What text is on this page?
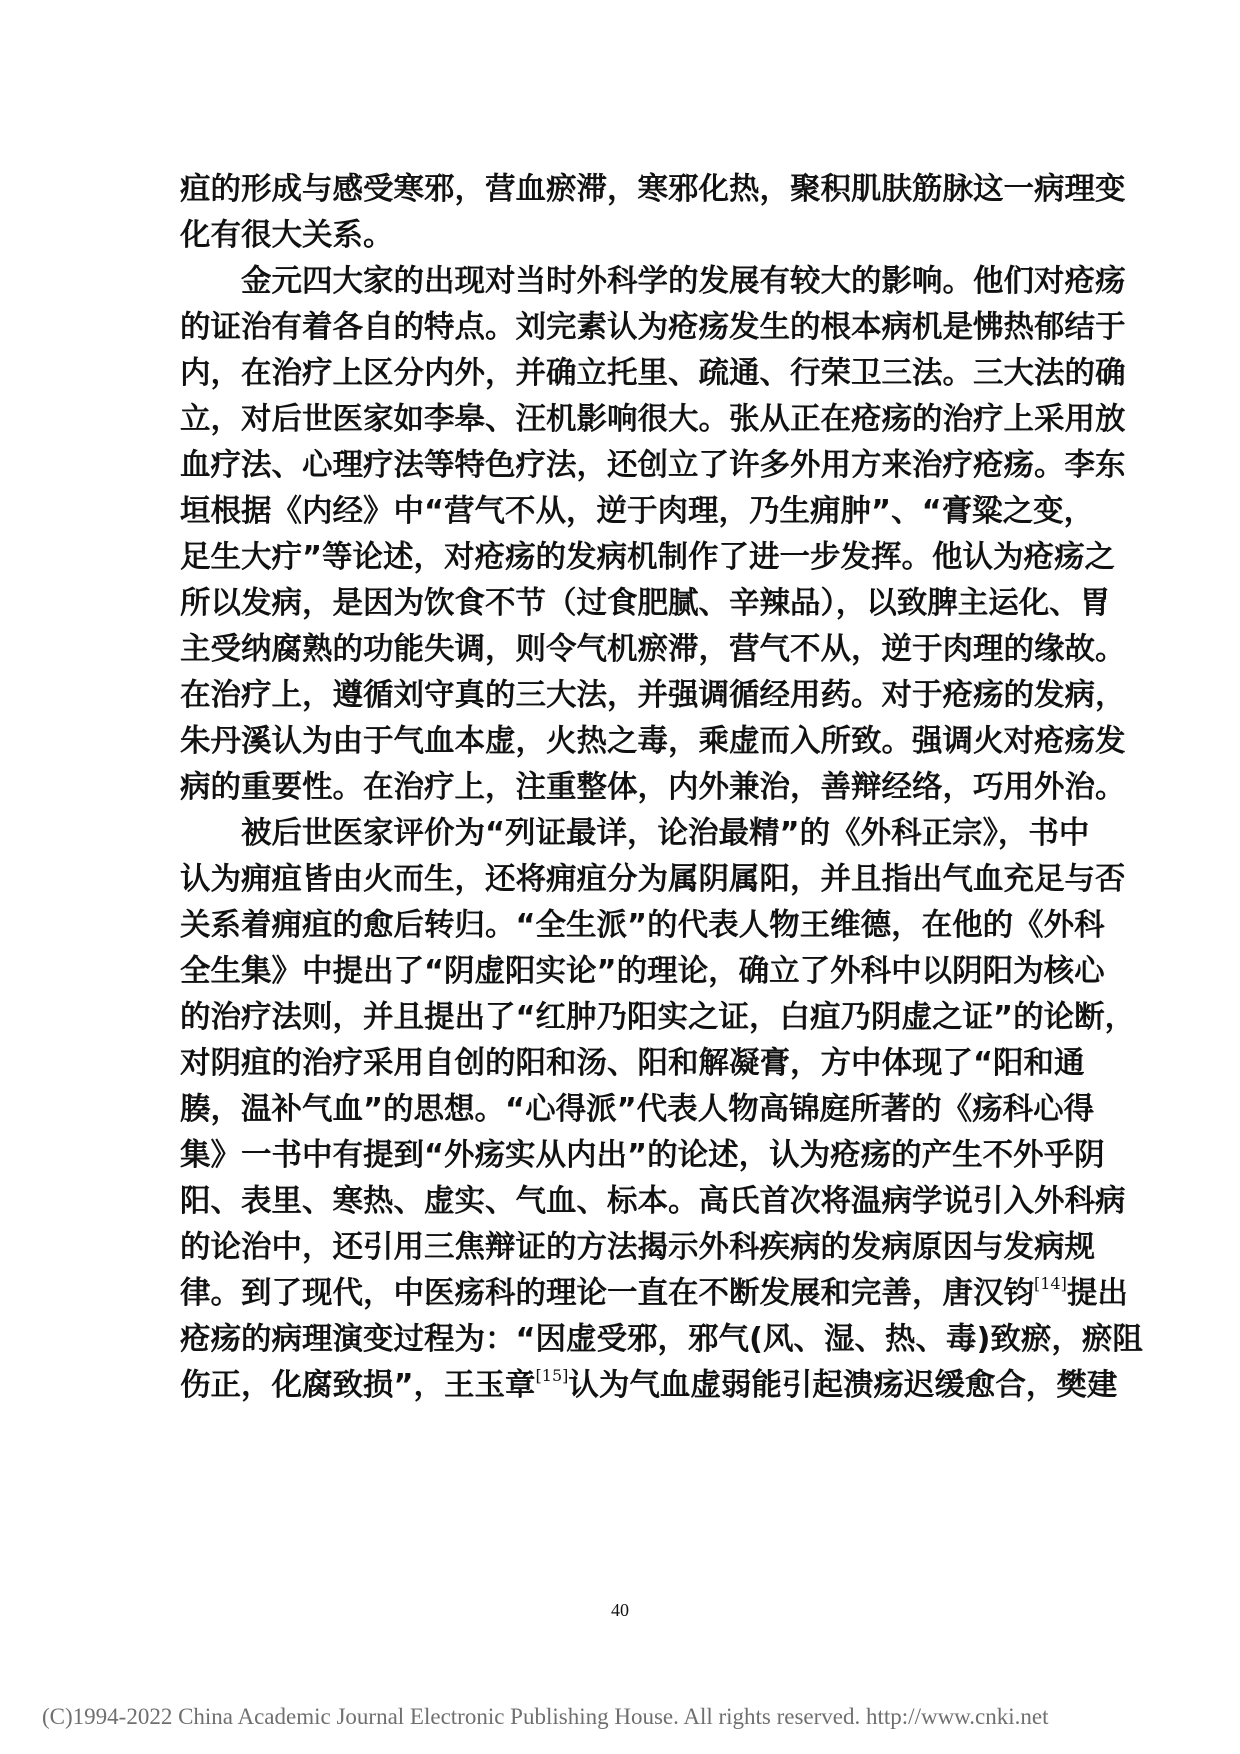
疽的形成与感受寒邪，营血瘀滞，寒邪化热，聚积肌肤筋脉这一病理变
化有很大关系。
金元四大家的出现对当时外科学的发展有较大的影响。他们对疮疡
的证治有着各自的特点。刘完素认为疮疡发生的根本病机是怫热郁结于
内，在治疗上区分内外，并确立托里、疏通、行荣卫三法。三大法的确
立，对后世医家如李皋、汪机影响很大。张从正在疮疡的治疗上采用放
血疗法、心理疗法等特色疗法，还创立了许多外用方来治疗疮疡。李东
垣根据《内经》中“营气不从，逆于肉理，乃生痈肿”、“膏粱之变，
足生大疔”等论述，对疮疡的发病机制作了进一步发挥。他认为疮疡之
所以发病，是因为饮食不节（过食肥腻、辛辣品），以致脾主运化、胃
主受纳腐熟的功能失调，则令气机瘀滞，营气不从，逆于肉理的缘故。
在治疗上，遵循刘守真的三大法，并强调循经用药。对于疮疡的发病，
朱丹溪认为由于气血本虚，火热之毒，乘虚而入所致。强调火对疮疡发
病的重要性。在治疗上，注重整体，内外兼治，善辩经络，巧用外治。
被后世医家评价为“列证最详，论治最精”的《外科正宗》，书中
认为痈疽皆由火而生，还将痈疽分为属阴属阳，并且指出气血充足与否
关系着痈疽的愈后转归。“全生派”的代表人物王维德，在他的《外科
全生集》中提出了“阴虚阳实论”的理论，确立了外科中以阴阳为核心
的治疗法则，并且提出了“红肿乃阳实之证，白疽乃阴虚之证”的论断，
对阴疽的治疗采用自创的阳和汤、阳和解凝膏，方中体现了“阳和通
腠，温补气血”的思想。“心得派”代表人物高锦庭所著的《疡科心得
集》一书中有提到“外疡实从内出”的论述，认为疮疡的产生不外乎阴
阳、表里、寒热、虚实、气血、标本。高氏首次将温病学说引入外科病
的论治中，还引用三焦辩证的方法揭示外科疾病的发病原因与发病规
律。到了现代，中医疡科的理论一直在不断发展和完善，唐汉钧[14]提出
疮疡的病理演变过程为：“因虚受邪，邪气(风、湿、热、毒)致瘀，瘀阻
伤正，化腐致损”，王玉章[15]认为气血虚弱能引起溃疡迟缓愈合，樊建
40
(C)1994-2022 China Academic Journal Electronic Publishing House. All rights reserved. http://www.cnki.net
